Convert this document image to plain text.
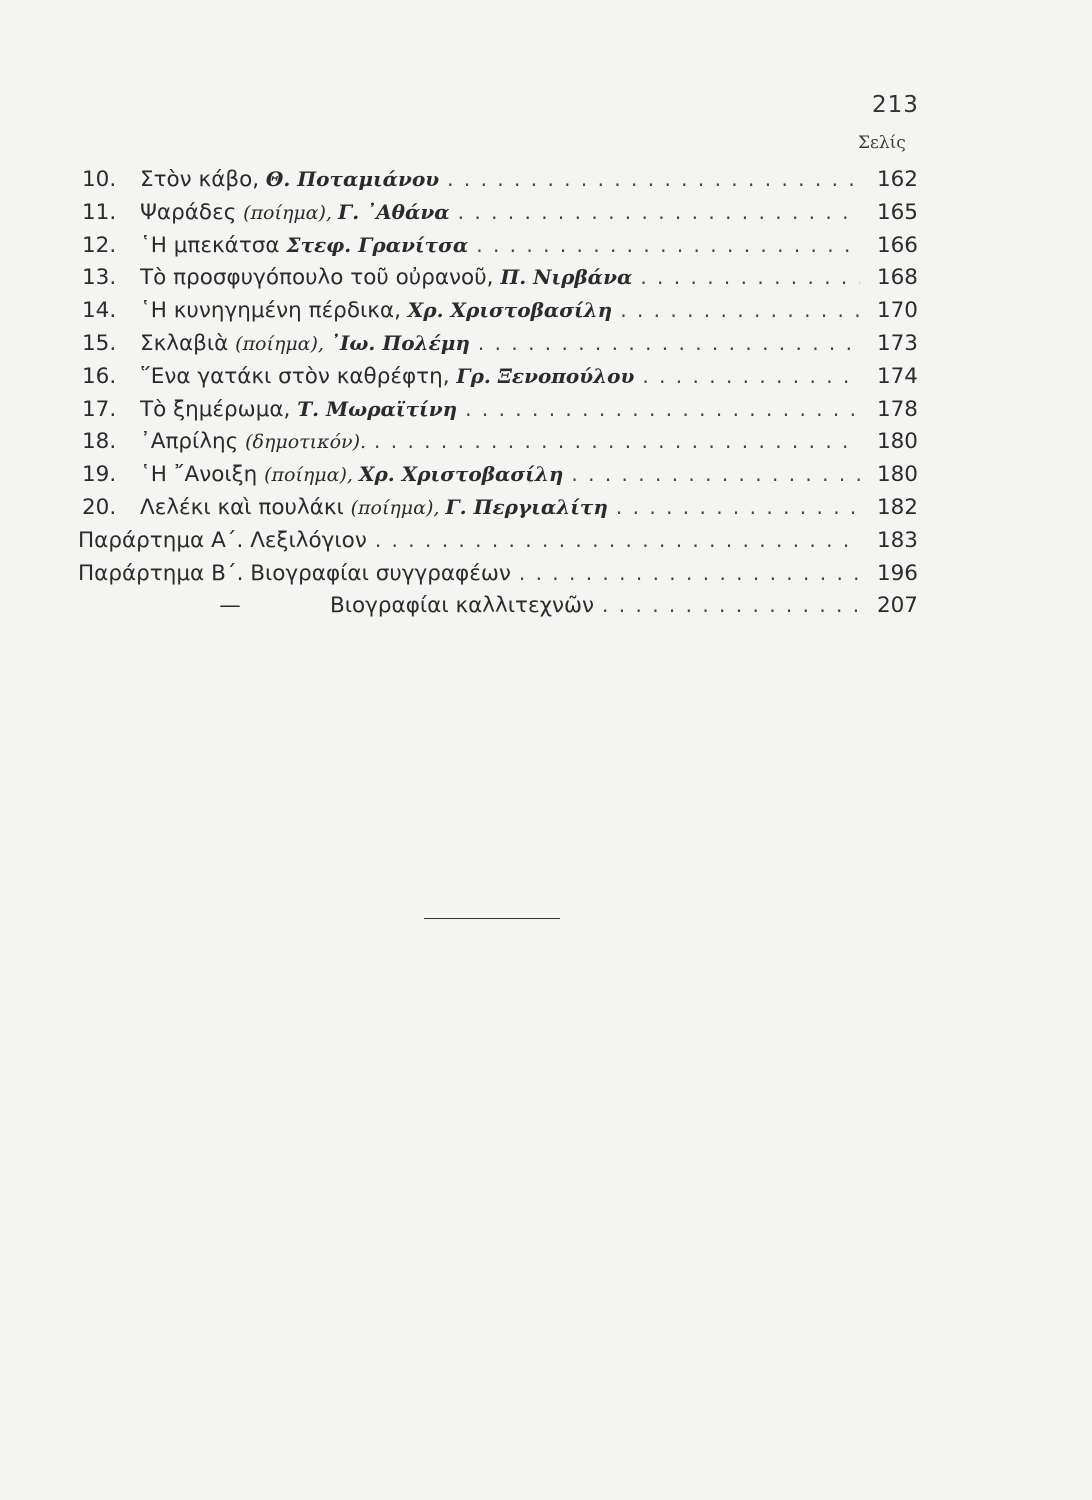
213
Σελίς
10.	Στὸν κάβο, Θ. Ποταμιάνου . . .	162
11.	Ψαράδες (ποίημα), Γ. ᾿Αθάνα . . .	165
12.	῾Η μπεκάτσα Στεφ. Γρανίτσα . . .	166
13.	Τὸ προσφυγόπουλο τοῦ οὐρανοῦ, Π. Νιρβάνα . . .	168
14.	῾Η κυνηγημένη πέρδικα, Χρ. Χριστοβασίλη . . .	170
15.	Σκλαβιὰ (ποίημα), ᾿Ιω. Πολέμη . . .	173
16.	῞Ενα γατάκι στὸν καθρέφτη, Γρ. Ξενοπούλου . . .	174
17.	Τὸ ξημέρωμα, Τ. Μωραϊτίνη . . .	178
18.	᾿Απρίλης (δημοτικόν). . . .	180
19.	῾Η ῎Ανοιξη (ποίημα), Χρ. Χριστοβασίλη . . .	180
20.	Λελέκι καὶ πουλάκι (ποίημα), Γ. Περγιαλίτη . . .	182
Παράρτημα Α΄. Λεξιλόγιον . . .	183
Παράρτημα Β΄. Βιογραφίαι συγγραφέων . . .	196
—	Βιογραφίαι καλλιτεχνῶν . . .	207
